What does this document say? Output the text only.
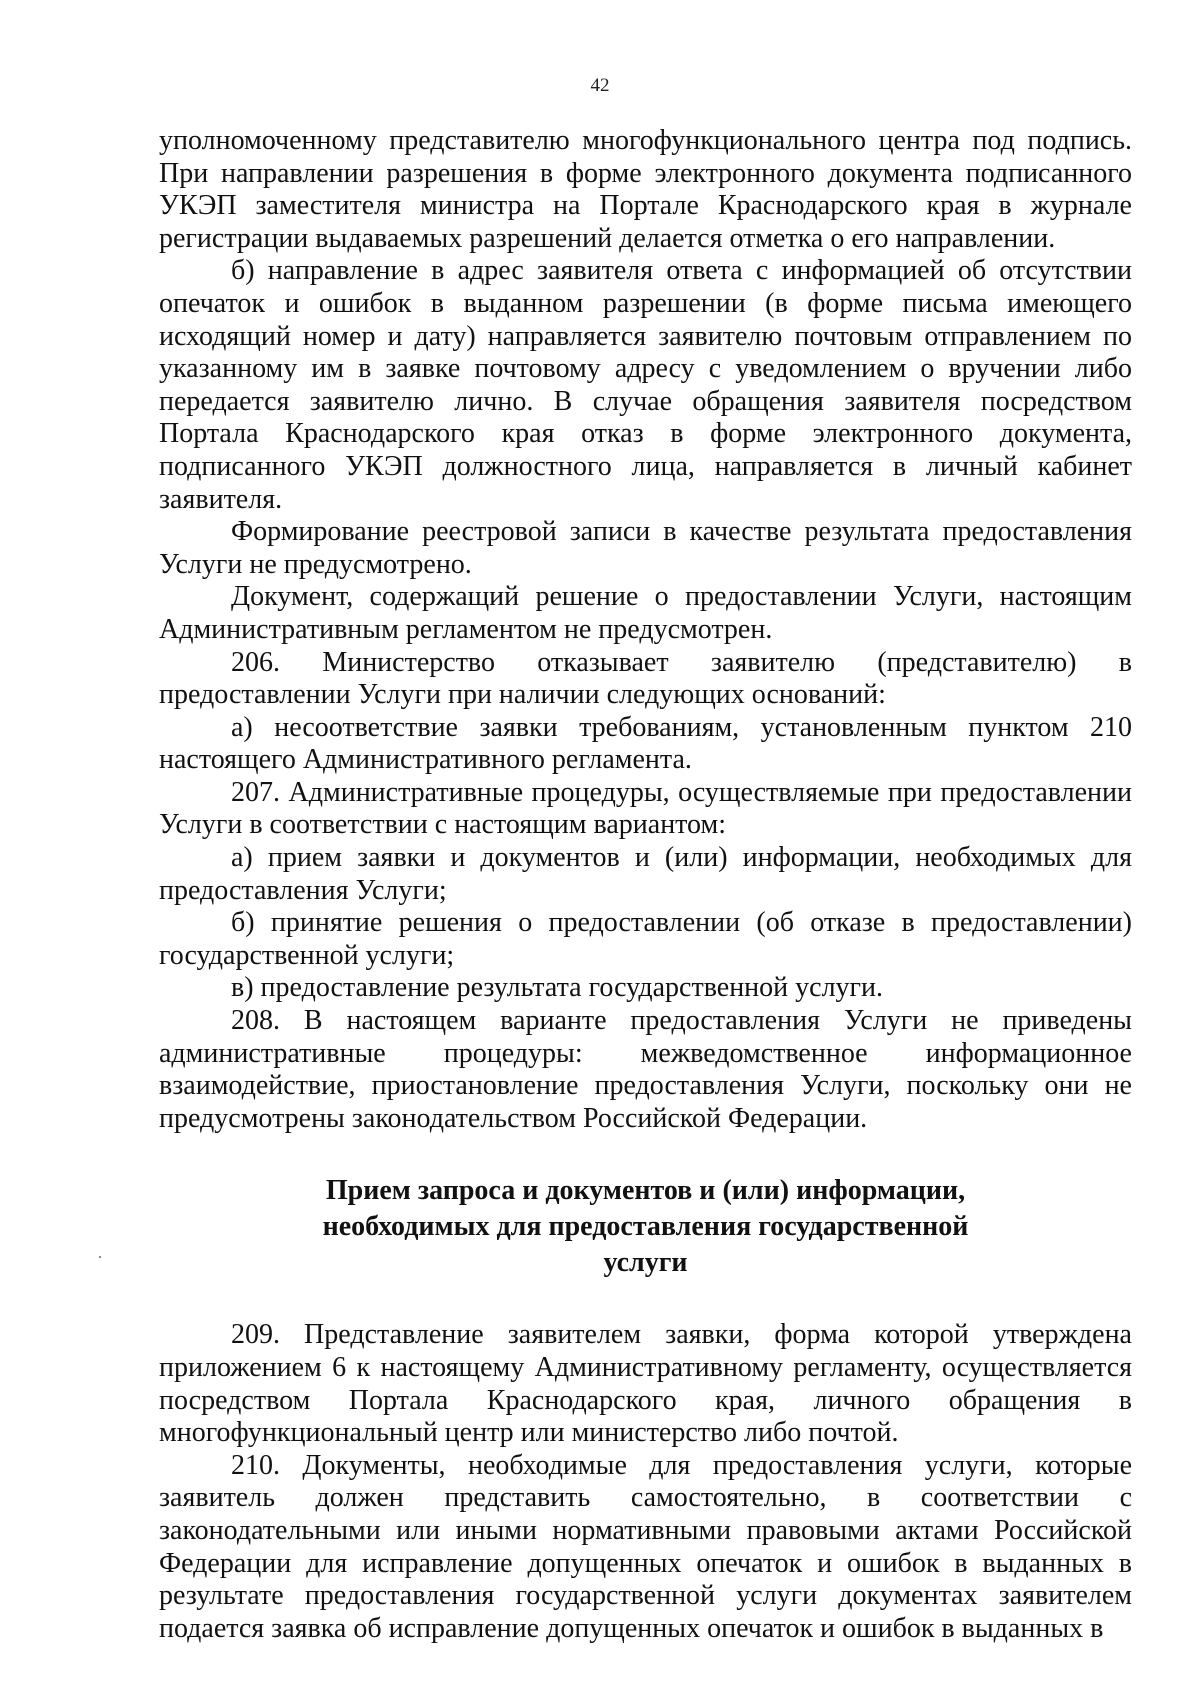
42

уполномоченному представителю многофункционального центра под подпись. При направлении разрешения в форме электронного документа подписанного УКЭП заместителя министра на Портале Краснодарского края в журнале регистрации выдаваемых разрешений делается отметка о его направлении.

б) направление в адрес заявителя ответа с информацией об отсутствии опечаток и ошибок в выданном разрешении (в форме письма имеющего исходящий номер и дату) направляется заявителю почтовым отправлением по указанному им в заявке почтовому адресу с уведомлением о вручении либо передается заявителю лично. В случае обращения заявителя посредством Портала Краснодарского края отказ в форме электронного документа, подписанного УКЭП должностного лица, направляется в личный кабинет заявителя.

Формирование реестровой записи в качестве результата предоставления Услуги не предусмотрено.

Документ, содержащий решение о предоставлении Услуги, настоящим Административным регламентом не предусмотрен.

206. Министерство отказывает заявителю (представителю) в предоставлении Услуги при наличии следующих оснований:

а) несоответствие заявки требованиям, установленным пунктом 210 настоящего Административного регламента.

207. Административные процедуры, осуществляемые при предоставлении Услуги в соответствии с настоящим вариантом:

а) прием заявки и документов и (или) информации, необходимых для предоставления Услуги;

б) принятие решения о предоставлении (об отказе в предоставлении) государственной услуги;

в) предоставление результата государственной услуги.

208. В настоящем варианте предоставления Услуги не приведены административные процедуры: межведомственное информационное взаимодействие, приостановление предоставления Услуги, поскольку они не предусмотрены законодательством Российской Федерации.

Прием запроса и документов и (или) информации, необходимых для предоставления государственной услуги

209. Представление заявителем заявки, форма которой утверждена приложением 6 к настоящему Административному регламенту, осуществляется посредством Портала Краснодарского края, личного обращения в многофункциональный центр или министерство либо почтой.

210. Документы, необходимые для предоставления услуги, которые заявитель должен представить самостоятельно, в соответствии с законодательными или иными нормативными правовыми актами Российской Федерации для исправление допущенных опечаток и ошибок в выданных в результате предоставления государственной услуги документах заявителем подается заявка об исправление допущенных опечаток и ошибок в выданных в
